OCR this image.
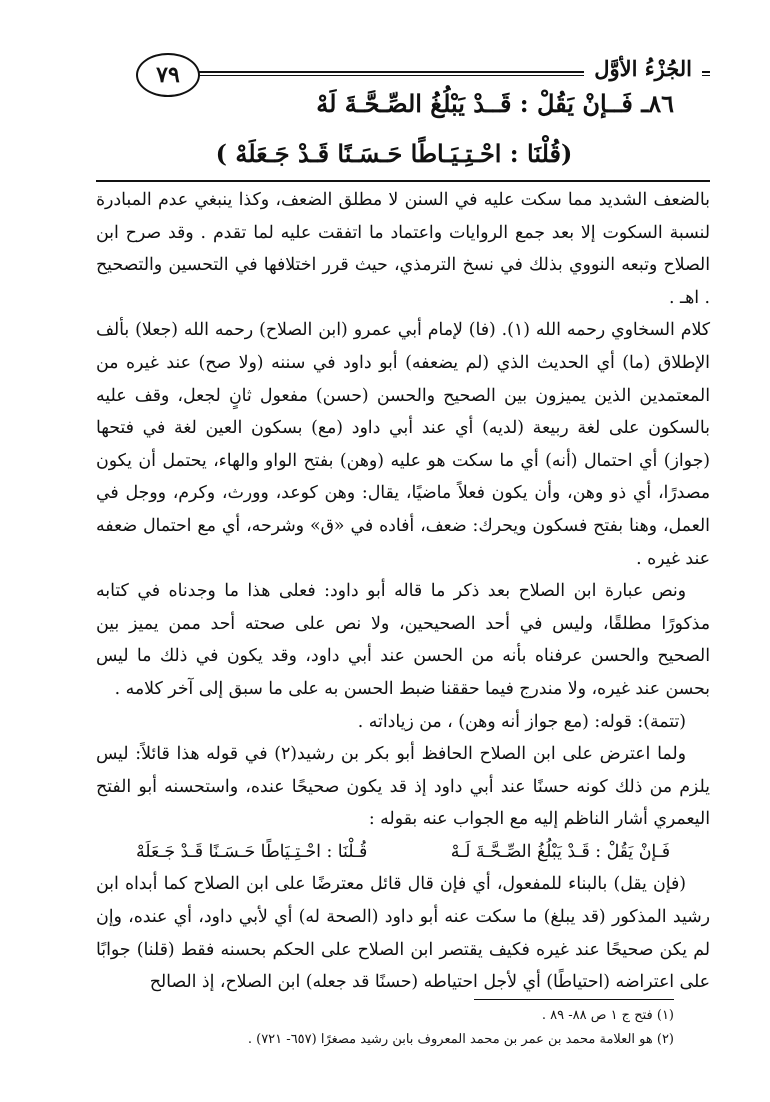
الجُزْءُ الأوَّل
٧٩
٨٦ـ فَــإنْ يَقُلْ : قَــدْ يَبْلُغُ الصِّـحَّـةَ لَهْ
(قُلْنَا : احْـتِـيَـاطًا حَـسَـنًا قَـدْ جَـعَلَهْ )

بالضعف الشديد مما سكت عليه في السنن لا مطلق الضعف، وكذا ينبغي عدم المبادرة لنسبة السكوت إلا بعد جمع الروايات واعتماد ما اتفقت عليه لما تقدم . وقد صرح ابن الصلاح وتبعه النووي بذلك في نسخ الترمذي، حيث قرر اختلافها في التحسين والتصحيح . اهـ .

كلام السخاوي رحمه الله (١). (فا) لإمام أبي عمرو (ابن الصلاح) رحمه الله (جعلا) بألف الإطلاق (ما) أي الحديث الذي (لم يضعفه) أبو داود في سننه (ولا صح) عند غيره من المعتمدين الذين يميزون بين الصحيح والحسن (حسن) مفعول ثانٍ لجعل، وقف عليه بالسكون على لغة ربيعة (لديه) أي عند أبي داود (مع) بسكون العين لغة في فتحها (جواز) أي احتمال (أنه) أي ما سكت هو عليه (وهن) بفتح الواو والهاء، يحتمل أن يكون مصدرًا، أي ذو وهن، وأن يكون فعلاً ماضيًا، يقال: وهن كوعد، وورث، وكرم، ووجل في العمل، وهنا بفتح فسكون ويحرك: ضعف، أفاده في «ق» وشرحه، أي مع احتمال ضعفه عند غيره .

ونص عبارة ابن الصلاح بعد ذكر ما قاله أبو داود: فعلى هذا ما وجدناه في كتابه مذكورًا مطلقًا، وليس في أحد الصحيحين، ولا نص على صحته أحد ممن يميز بين الصحيح والحسن عرفناه بأنه من الحسن عند أبي داود، وقد يكون في ذلك ما ليس بحسن عند غيره، ولا مندرج فيما حققنا ضبط الحسن به على ما سبق إلى آخر كلامه .

(تتمة): قوله: (مع جواز أنه وهن) ، من زياداته .

ولما اعترض على ابن الصلاح الحافظ أبو بكر بن رشيد(٢) في قوله هذا قائلاً: ليس يلزم من ذلك كونه حسنًا عند أبي داود إذ قد يكون صحيحًا عنده، واستحسنه أبو الفتح اليعمري أشار الناظم إليه مع الجواب عنه بقوله :

فَـإنْ يَقُلْ : قَـدْ يَبْلُغُ الصِّـحَّـةَ لَـهْ
قُـلْنَا : احْـتِـيَاطًا حَـسَـنًا قَـدْ جَـعَلَهْ

(فإن يقل) بالبناء للمفعول، أي فإن قال قائل معترضًا على ابن الصلاح كما أبداه ابن رشيد المذكور (قد يبلغ) ما سكت عنه أبو داود (الصحة له) أي لأبي داود، أي عنده، وإن لم يكن صحيحًا عند غيره فكيف يقتصر ابن الصلاح على الحكم بحسنه فقط (قلنا) جوابًا على اعتراضه (احتياطًا) أي لأجل احتياطه (حسنًا قد جعله) ابن الصلاح، إذ الصالح

(١) فتح ج ١ ص ٨٨- ٨٩ .

(٢) هو العلامة محمد بن عمر بن محمد المعروف بابن رشيد مصغرًا (٦٥٧- ٧٢١) .
